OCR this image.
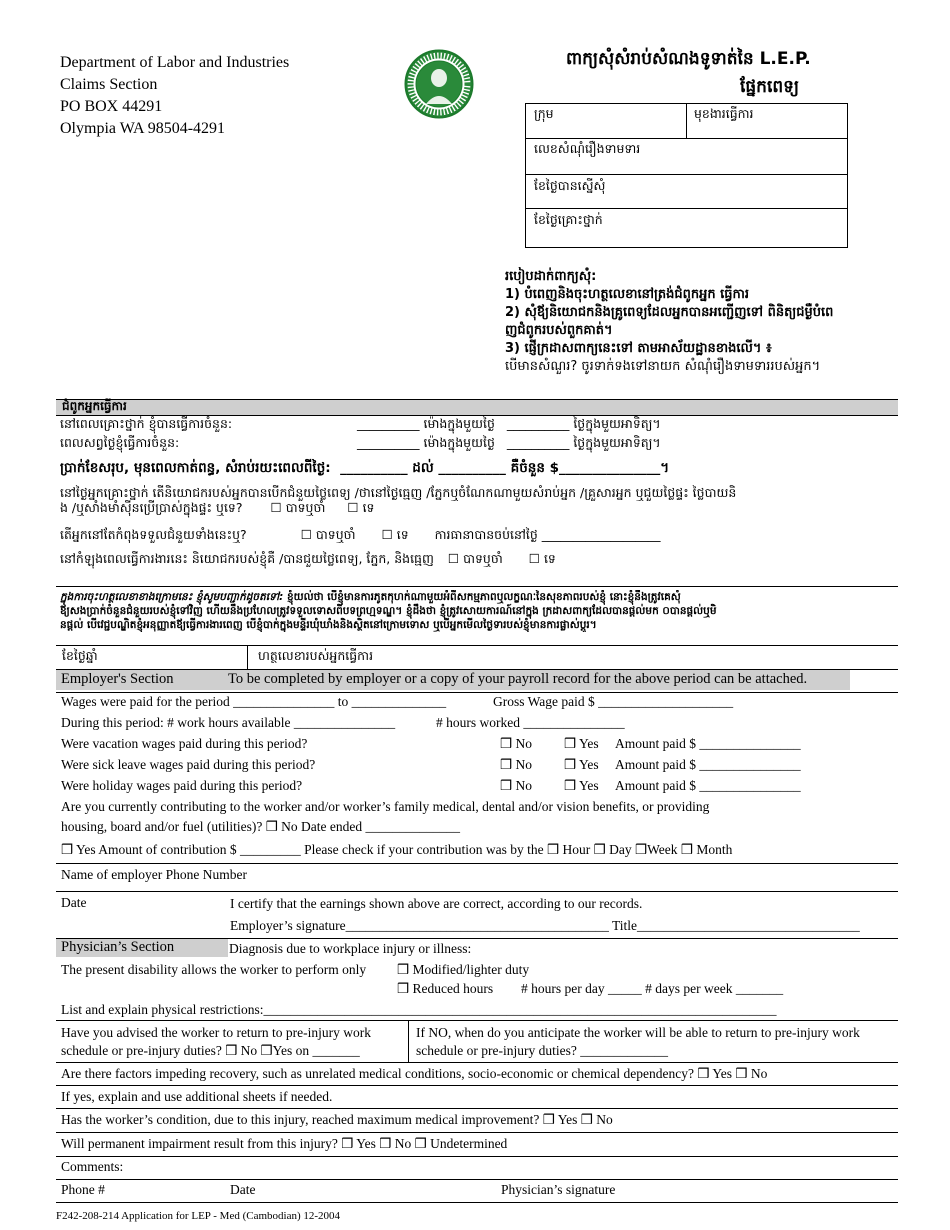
Department of Labor and Industries
Claims Section
PO BOX 44291
Olympia WA 98504-4291
ពាក្យសុំសំរាប់សំណងទូទាត់នៃ L.E.P.
ផ្នែកពេទ្យ
ក្រុម	មុខងារធ្វើការ
លេខសំណុំរឿងទាមទារ
ខែថ្ងៃបានស្នើសុំ
ខែថ្ងៃគ្រោះថ្នាក់
របៀបដាក់ពាក្យសុំ:
1) បំពេញនិងចុះហត្ថលេខានៅត្រង់ជំពូកអ្នក ធ្វើការ
2) សុំឪ្យនិយោជកនិងគ្រូពេទ្យដែលអ្នកបានអញ្ជើញទៅ ពិនិត្យជម្ងឺបំពេ
ញជំពូករបស់ពួកគាត់។
3) ផ្ញើក្រដាសពាក្យនេះទៅ តាមអាស័យដ្ឋានខាងលើ។ ៖
បើមានសំណួរ? ចូរទាក់ទងទៅនាយក សំណុំរឿងទាមទាររបស់អ្នក។
ជំពូកអ្នកធ្វើការ
នៅពេលគ្រោះថ្នាក់ ខ្ញុំបានធ្វើការចំនួន:	__________ ម៉ោងក្នុងមួយថ្ងៃ __________ ថ្ងៃក្នុងមួយអាទិត្យ។
ពេលសព្វថ្ងៃខ្ញុំធ្វើការចំនួន:	__________ ម៉ោងក្នុងមួយថ្ងៃ __________ ថ្ងៃក្នុងមួយអាទិត្យ។
ប្រាក់ខែសរុប, មុនពេលកាត់ពន្ធ, សំរាប់រយះពេលពីថ្ងៃ: __________ ដល់ __________ គឺចំនួន $_______________។
នៅថ្ងៃអ្នកគ្រោះថ្នាក់ តើនិយោជករបស់អ្នកបានបើកជំនួយថ្លៃពេទ្យ /ថានៅថ្ងៃធ្មេញ /ភ្នែកឬចំណែកណាមួយសំរាប់អ្នក /គ្រួសារអ្នក ឬជួយថ្លៃផ្ទះ ថ្លៃបាយនិ
ង /ឬសាំងមាំស៊ីនប្រើប្រាស់ក្នុងផ្ទះ ឬទេ? ☐ បាទឬចាំ ☐ ទេ
តើអ្នកនៅតែកំពុងទទួលជំនួយទាំងនេះឬ?	☐ បាទឬចាំ ☐ ទេ ការធានាបានចប់នៅថ្ងៃ ___________________
នៅកំឡុងពេលធ្វើការងារនេះ និយោជករបស់ខ្ញុំគឺ /បានជួយថ្លៃពេទ្យ, ភ្នែក, និងធ្មេញ ☐ បាទឬចាំ ☐ ទេ
ក្នុងការចុះហត្ថលេខាខាងក្រោមនេះ ខ្ញុំសូមបញ្ជាក់ដូចតទៅ: ខ្ញុំយល់ថា បើខ្ញុំមានការភូតកុហក់ណាមួយអំពីសកម្មភាពឬលក្ខណៈនៃសុខភាពរបស់ខ្ញុំ នោះខ្ញុំនឹងត្រូវគេសុំ
ឪ្យសងប្រាក់ចំនួនជំនួយរបស់ខ្ញុំទៅវិញ ហើយនឹងប្រហែលត្រូវទទួលទោសពីបទព្រហ្មទណ្ឌ។ ខ្ញុំដឹងថា ខ្ញុំត្រូវសោយការណ៍នៅក្នុង ក្រដាសពាក្យដែលបានផ្តល់មក ០បានផ្តល់ឬមិ
នផ្តល់ បើវេជ្ជបណ្ឌិតខ្ញុំអនុញ្ញាតឪ្យធ្វើការងារពេញ បើខ្ញុំបាក់ក្នុងមន្ទីរឃុំឃាំងនិងស្ថិតនៅក្រោមទោស ឬបើអ្នកមើលថៃ្ងទារបស់ខ្ញុំមានការផ្លាស់ប្តូរ។
ខែថ្ងៃឆ្នាំ	ហត្ថលេខារបស់អ្នកធ្វើការ
Employer's Section	To be completed by employer or a copy of your payroll record for the above period can be attached.
Wages were paid for the period _______________ to ______________	Gross Wage paid $ ____________________
During this period: # work hours available _______________	# hours worked _______________
Were vacation wages paid during this period?	❒ No ❒ Yes Amount paid $ _______________
Were sick leave wages paid during this period?	❒ No ❒ Yes Amount paid $ _______________
Were holiday wages paid during this period?	❒ No ❒ Yes Amount paid $ _______________
Are you currently contributing to the worker and/or worker’s family medical, dental and/or vision benefits, or providing
housing, board and/or fuel (utilities)? ❒ No Date ended ______________
❒ Yes Amount of contribution $ _________ Please check if your contribution was by the ❒ Hour ❒ Day ❒Week ❒ Month
Name of employer Phone Number
Date	I certify that the earnings shown above are correct, according to our records.
Employer’s signature_______________________________________ Title_________________________________
Physician’s Section	Diagnosis due to workplace injury or illness:
The present disability allows the worker to perform only ❒ Modified/lighter duty
❒ Reduced hours # hours per day _____ # days per week _______
List and explain physical restrictions:____________________________________________________________________________
Have you advised the worker to return to pre-injury work
schedule or pre-injury duties? ❒ No ❒Yes on _______
If NO, when do you anticipate the worker will be able to return to pre-injury work
schedule or pre-injury duties? _____________
Are there factors impeding recovery, such as unrelated medical conditions, socio-economic or chemical dependency? ❒ Yes ❒ No
If yes, explain and use additional sheets if needed.
Has the worker’s condition, due to this injury, reached maximum medical improvement? ❒ Yes ❒ No
Will permanent impairment result from this injury? ❒ Yes ❒ No ❒ Undetermined
Comments:
Phone #	Date	Physician’s signature
F242-208-214 Application for LEP - Med (Cambodian) 12-2004
